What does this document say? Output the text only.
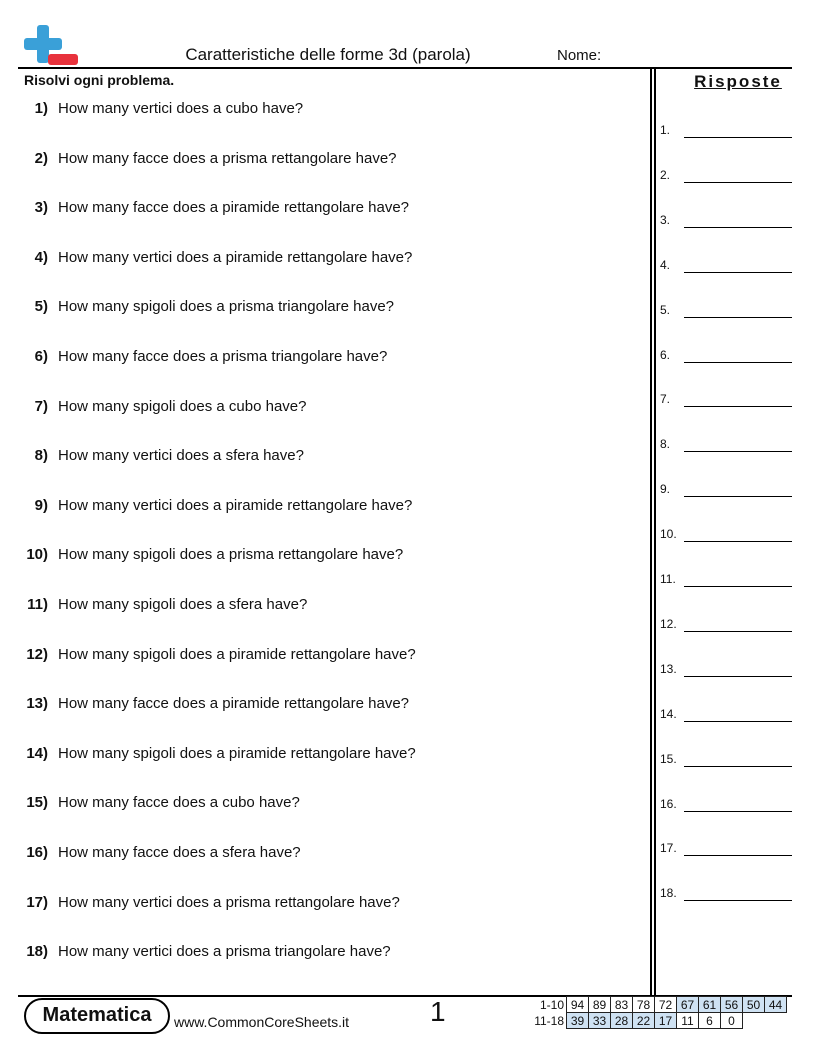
Caratteristiche delle forme 3d (parola)	Nome:
Risolvi ogni problema.	Risposte
1) How many vertici does a cubo have?
2) How many facce does a prisma rettangolare have?
3) How many facce does a piramide rettangolare have?
4) How many vertici does a piramide rettangolare have?
5) How many spigoli does a prisma triangolare have?
6) How many facce does a prisma triangolare have?
7) How many spigoli does a cubo have?
8) How many vertici does a sfera have?
9) How many vertici does a piramide rettangolare have?
10) How many spigoli does a prisma rettangolare have?
11) How many spigoli does a sfera have?
12) How many spigoli does a piramide rettangolare have?
13) How many facce does a piramide rettangolare have?
14) How many spigoli does a piramide rettangolare have?
15) How many facce does a cubo have?
16) How many facce does a sfera have?
17) How many vertici does a prisma rettangolare have?
18) How many vertici does a prisma triangolare have?
1.
2.
3.
4.
5.
6.
7.
8.
9.
10.
11.
12.
13.
14.
15.
16.
17.
18.
Matematica	www.CommonCoreSheets.it	1	1-10	94	89	83	78	72	67	61	56	50	44
11-18	39	33	28	22	17	11	6	0		
